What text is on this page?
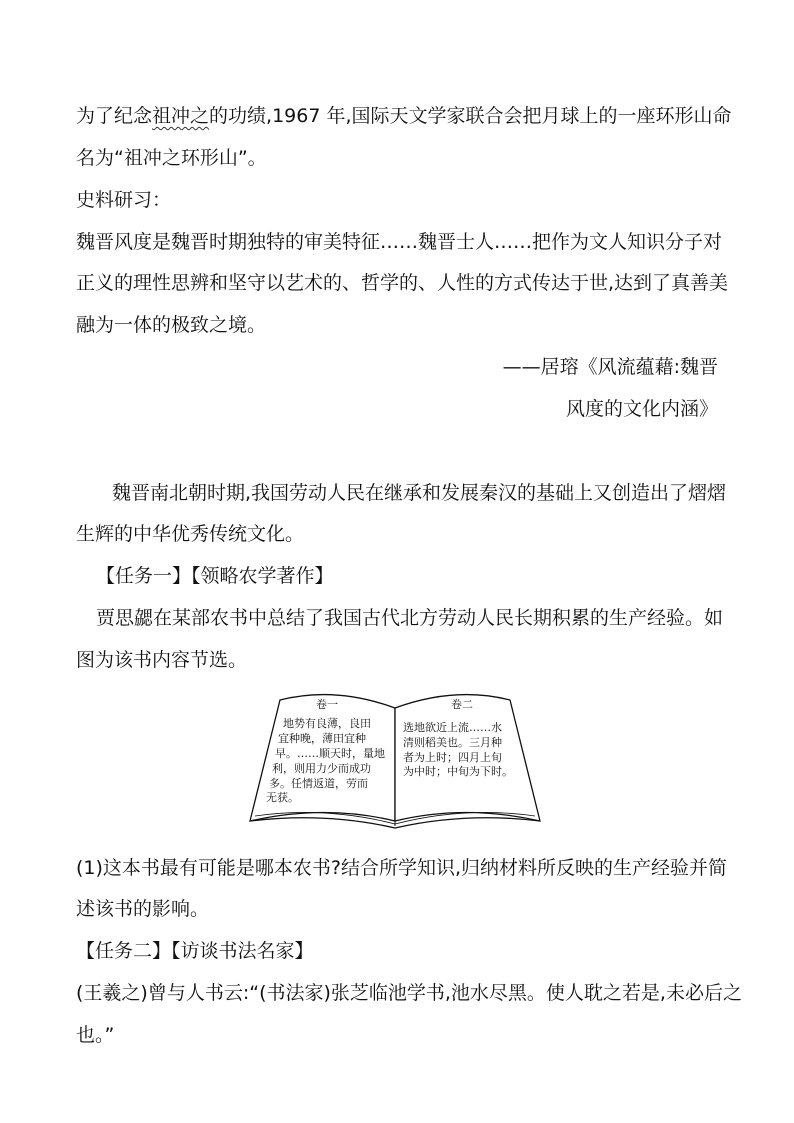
为了纪念祖冲之的功绩,1967 年,国际天文学家联合会把月球上的一座环形山命
名为“祖冲之环形山”。
史料研习：
魏晋风度是魏晋时期独特的审美特征……魏晋士人……把作为文人知识分子对
正义的理性思辨和坚守以艺术的、哲学的、人性的方式传达于世,达到了真善美
融为一体的极致之境。
——居瑢《风流蕴藉:魏晋
风度的文化内涵》
魏晋南北朝时期,我国劳动人民在继承和发展秦汉的基础上又创造出了熠熠
生辉的中华优秀传统文化。
【任务一】【领略农学著作】
贾思勰在某部农书中总结了我国古代北方劳动人民长期积累的生产经验。如
图为该书内容节选。
卷一
地势有良薄，良田
宜种晚，薄田宜种
早。……顺天时，量地
利，则用力少而成功
多。任情返道，劳而
无获。
卷二
选地欲近上流……水
清则稻美也。三月种
者为上时；四月上旬
为中时；中旬为下时。
(1)这本书最有可能是哪本农书?结合所学知识,归纳材料所反映的生产经验并简
述该书的影响。
【任务二】【访谈书法名家】
(王羲之)曾与人书云:“(书法家)张芝临池学书,池水尽黑。使人耽之若是,未必后之
也。”
